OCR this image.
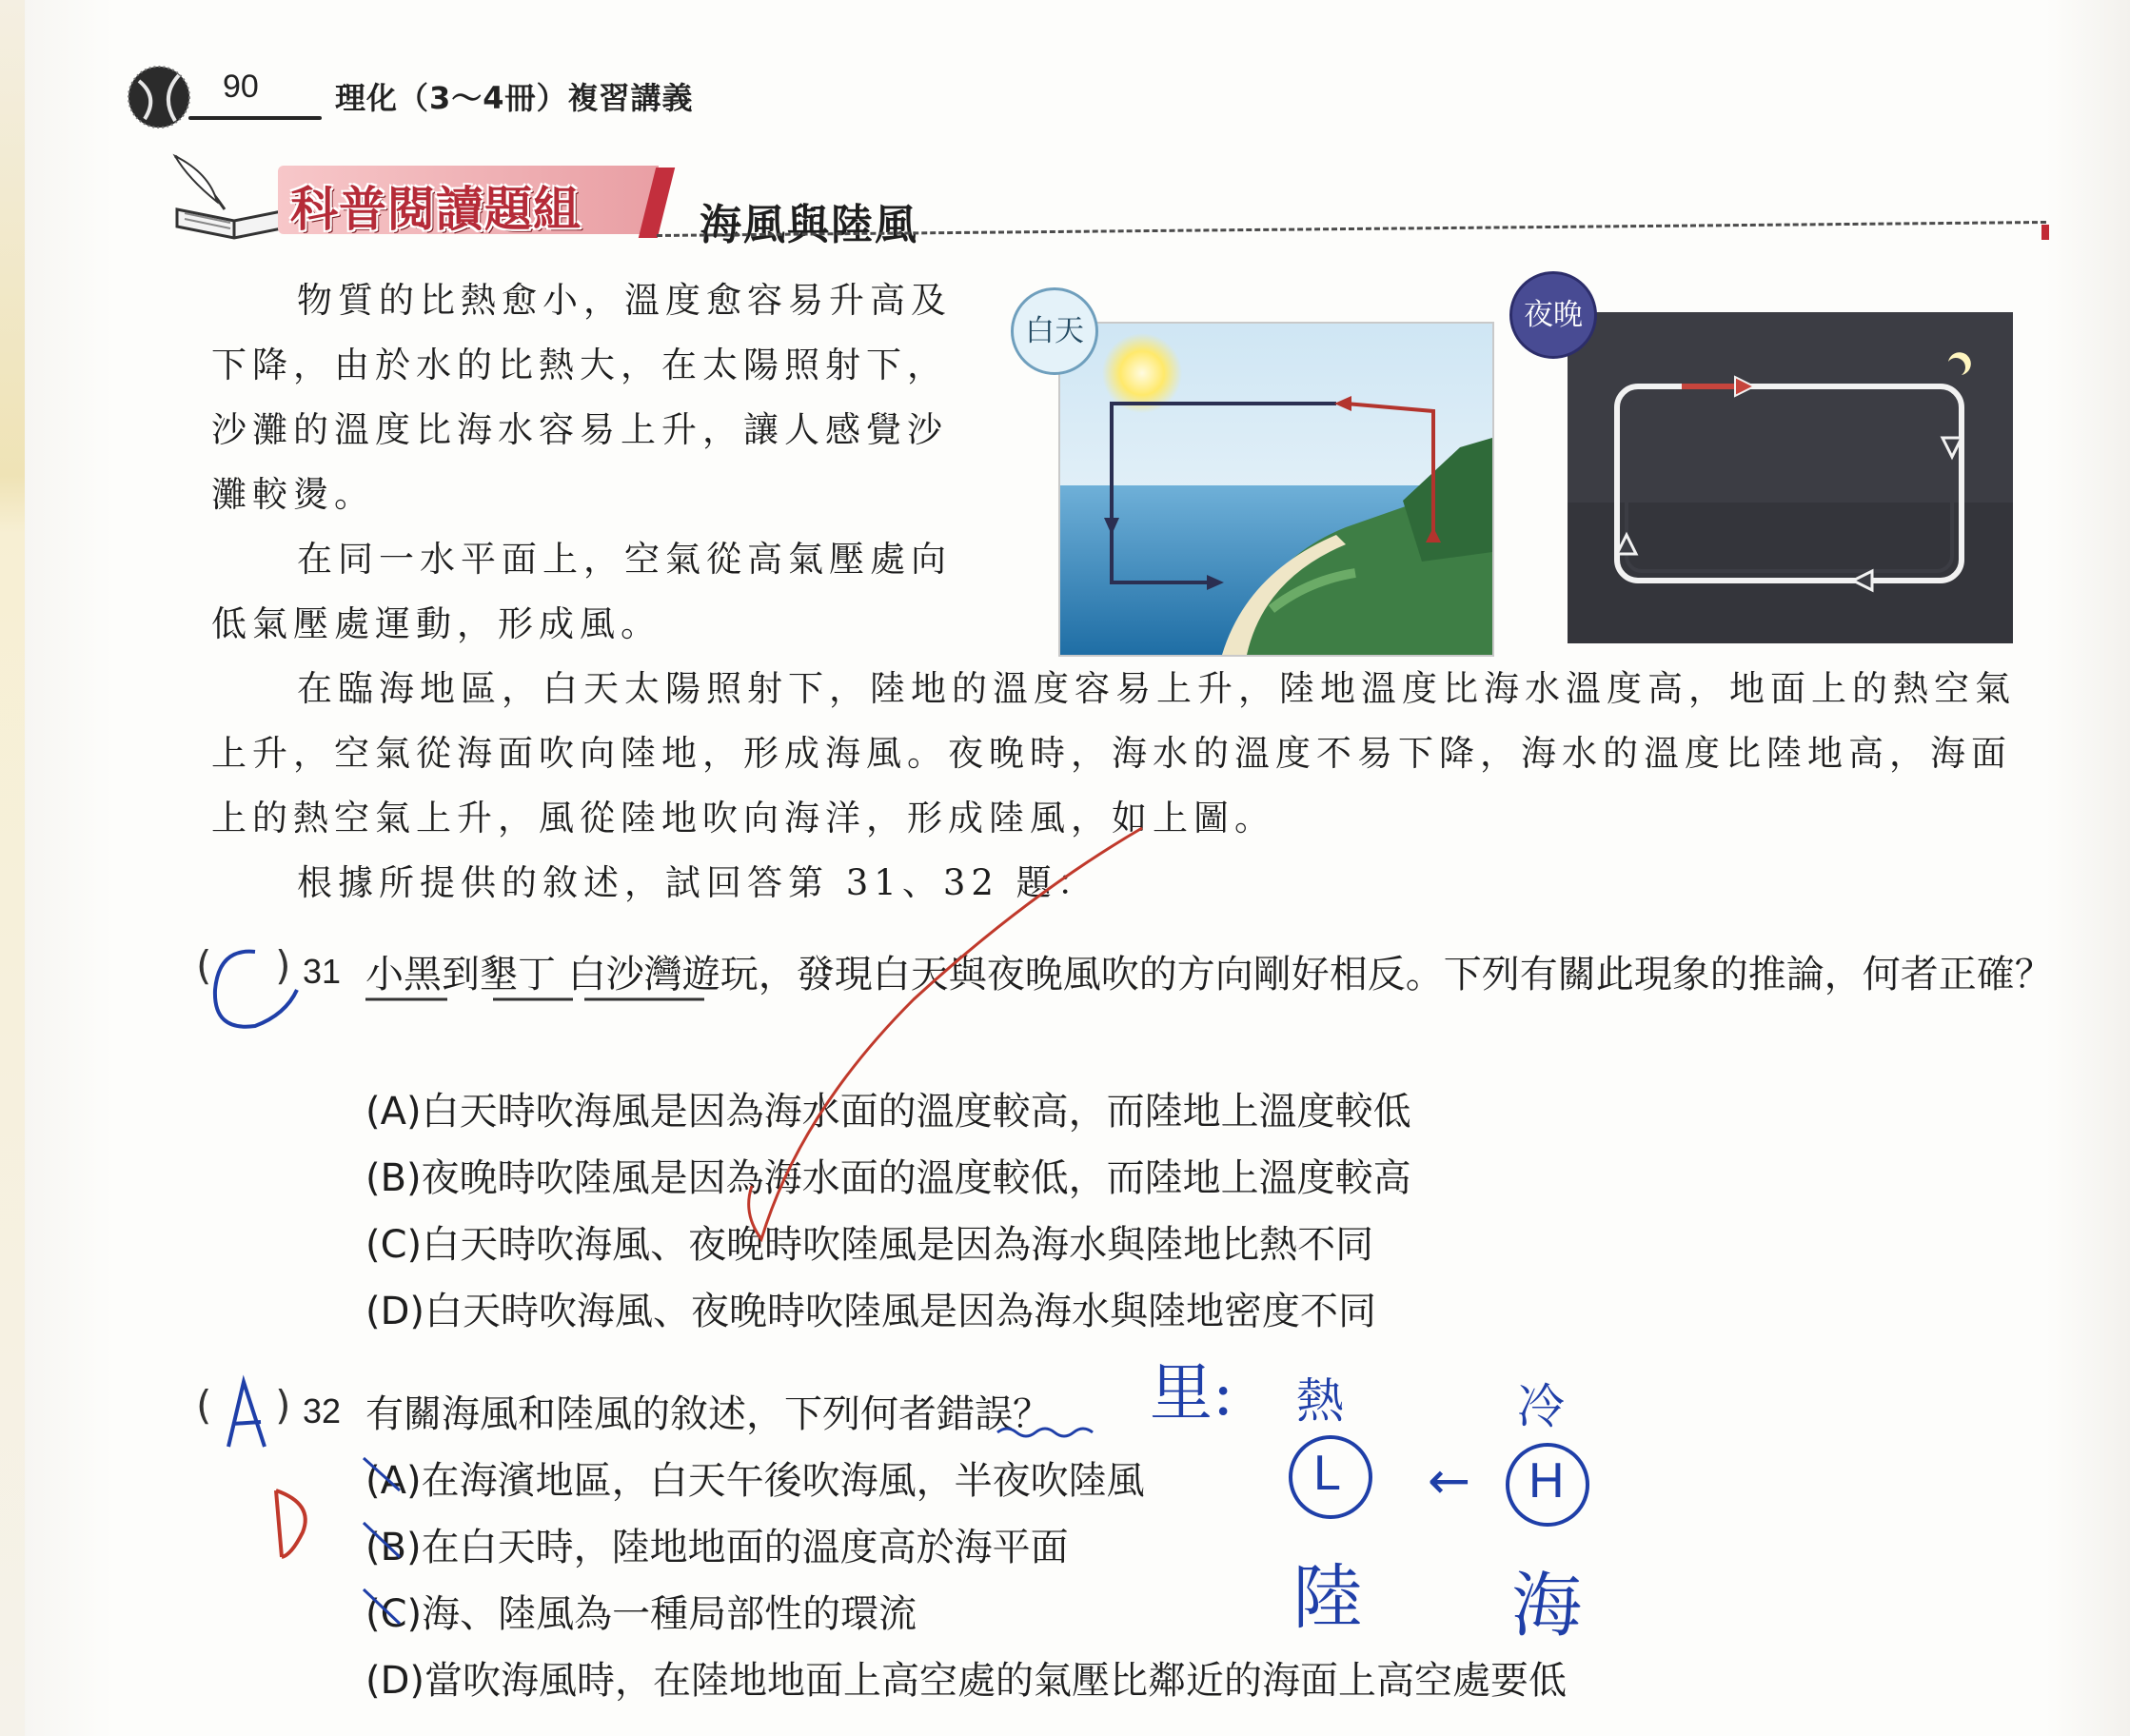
90	理化（3～4冊）複習講義
科普閱讀題組	海風與陸風

物質的比熱愈小，溫度愈容易升高及下降，由於水的比熱大，在太陽照射下，沙灘的溫度比海水容易上升，讓人感覺沙灘較燙。

在同一水平面上，空氣從高氣壓處向低氣壓處運動，形成風。

在臨海地區，白天太陽照射下，陸地的溫度容易上升，陸地溫度比海水溫度高，地面上的熱空氣上升，空氣從海面吹向陸地，形成海風。夜晚時，海水的溫度不易下降，海水的溫度比陸地高，海面上的熱空氣上升，風從陸地吹向海洋，形成陸風，如上圖。

根據所提供的敘述，試回答第 31、32 題：

白天	夜晚
(     ) 31 小黑到墾丁 白沙灣遊玩，發現白天與夜晚風吹的方向剛好相反。下列有關此現象的推論，何者正確？

(A)白天時吹海風是因為海水面的溫度較高，而陸地上溫度較低

(B)夜晚時吹陸風是因為海水面的溫度較低，而陸地上溫度較高

(C)白天時吹海風、夜晚時吹陸風是因為海水與陸地比熱不同

(D)白天時吹海風、夜晚時吹陸風是因為海水與陸地密度不同

(     ) 32 有關海風和陸風的敘述，下列何者錯誤？

(A)在海濱地區，白天午後吹海風，半夜吹陸風

(B)在白天時，陸地地面的溫度高於海平面

(C)海、陸風為一種局部性的環流

(D)當吹海風時，在陸地地面上高空處的氣壓比鄰近的海面上高空處要低

里: 熱	冷
L	H
←
陸 海
